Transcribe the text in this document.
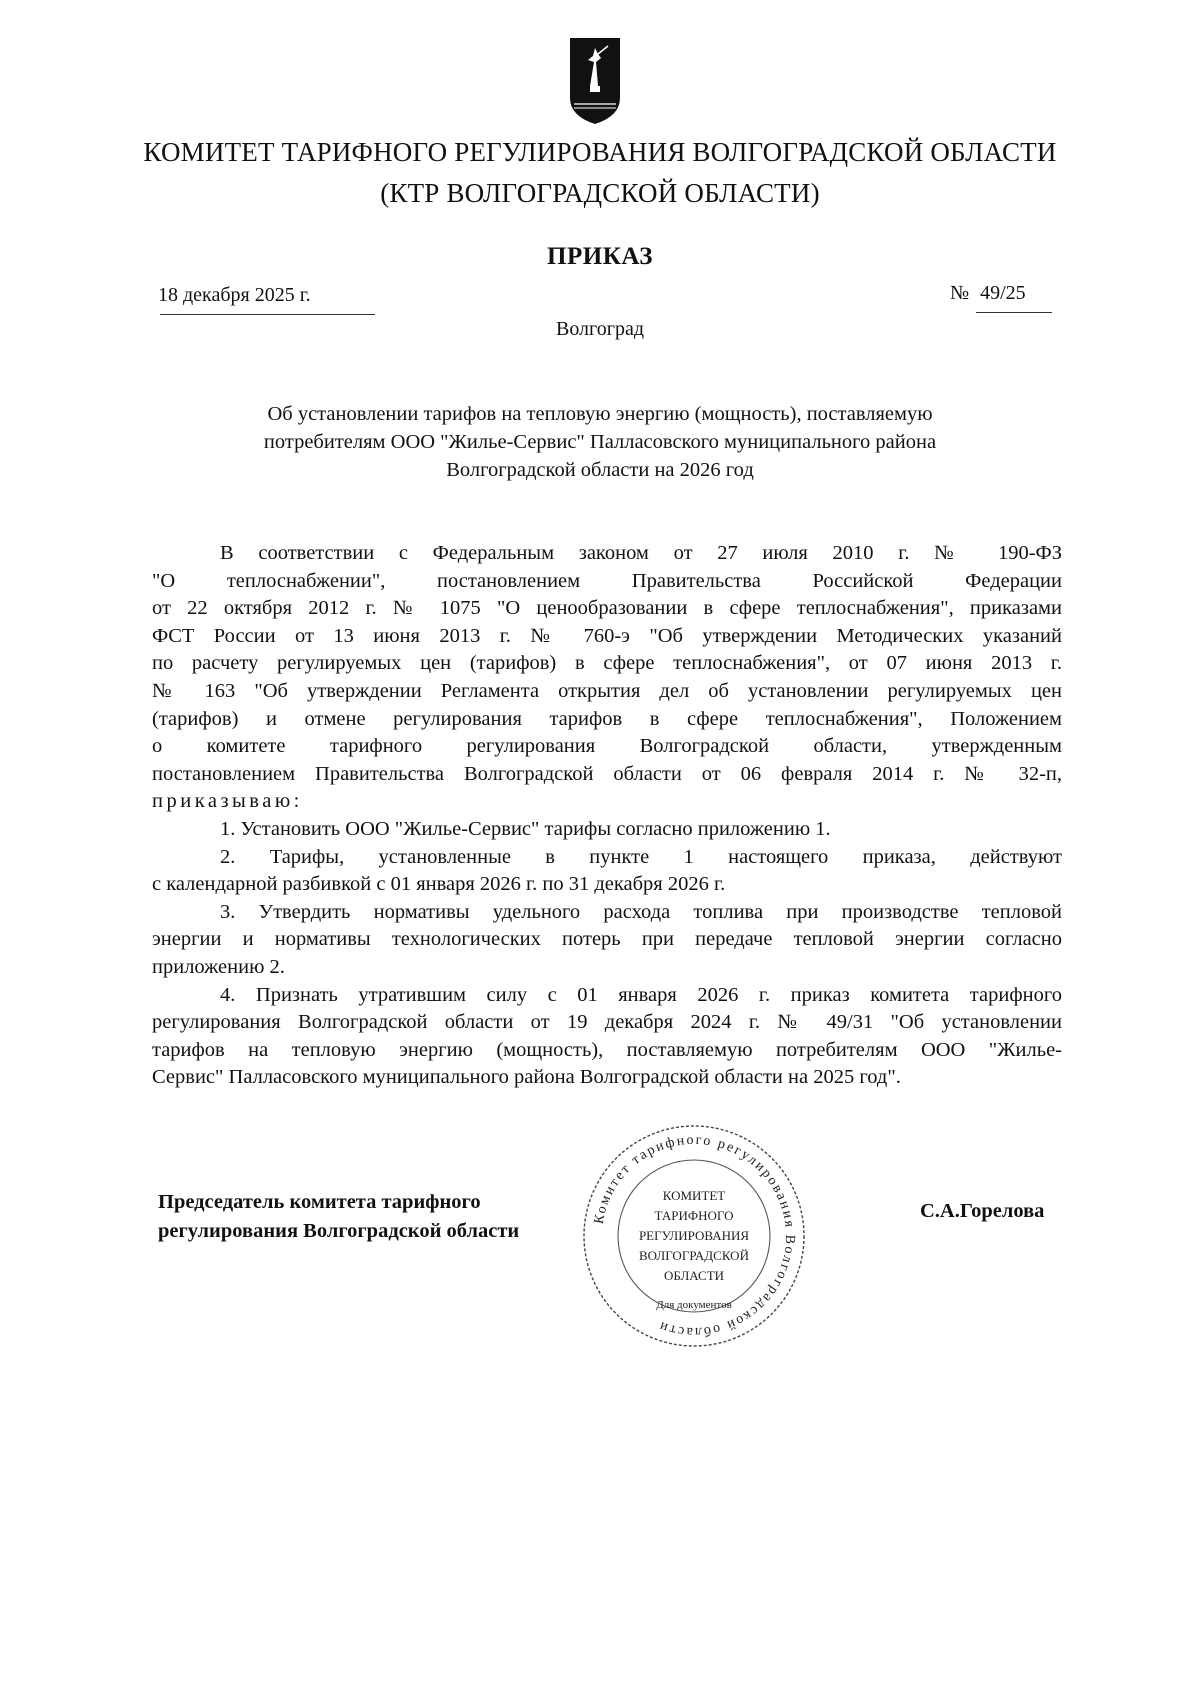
КОМИТЕТ ТАРИФНОГО РЕГУЛИРОВАНИЯ ВОЛГОГРАДСКОЙ ОБЛАСТИ
(КТР ВОЛГОГРАДСКОЙ ОБЛАСТИ)
ПРИКАЗ
18 декабря 2025 г.	№ 49/25
Волгоград
Об установлении тарифов на тепловую энергию (мощность), поставляемую
потребителям ООО "Жилье-Сервис" Палласовского муниципального района
Волгоградской области на 2026 год
В соответствии с Федеральным законом от 27 июля 2010 г. № 190-ФЗ
"О теплоснабжении", постановлением Правительства Российской Федерации
от 22 октября 2012 г. № 1075 "О ценообразовании в сфере теплоснабжения", приказами
ФСТ России от 13 июня 2013 г. № 760-э "Об утверждении Методических указаний
по расчету регулируемых цен (тарифов) в сфере теплоснабжения", от 07 июня 2013 г.
№ 163 "Об утверждении Регламента открытия дел об установлении регулируемых цен
(тарифов) и отмене регулирования тарифов в сфере теплоснабжения", Положением
о комитете тарифного регулирования Волгоградской области, утвержденным
постановлением Правительства Волгоградской области от 06 февраля 2014 г. № 32-п,
приказываю:
1. Установить ООО "Жилье-Сервис" тарифы согласно приложению 1.
2. Тарифы, установленные в пункте 1 настоящего приказа, действуют
с календарной разбивкой с 01 января 2026 г. по 31 декабря 2026 г.
3. Утвердить нормативы удельного расхода топлива при производстве тепловой
энергии и нормативы технологических потерь при передаче тепловой энергии согласно
приложению 2.
4. Признать утратившим силу с 01 января 2026 г. приказ комитета тарифного
регулирования Волгоградской области от 19 декабря 2024 г. № 49/31 "Об установлении
тарифов на тепловую энергию (мощность), поставляемую потребителям ООО "Жилье-
Сервис" Палласовского муниципального района Волгоградской области на 2025 год".
Комитет тарифного регулирования Волгоградской области
КОМИТЕТ
ТАРИФНОГО
РЕГУЛИРОВАНИЯ
ВОЛГОГРАДСКОЙ
ОБЛАСТИ
Для документов
Председатель комитета тарифного
регулирования Волгоградской области
С.А.Горелова
